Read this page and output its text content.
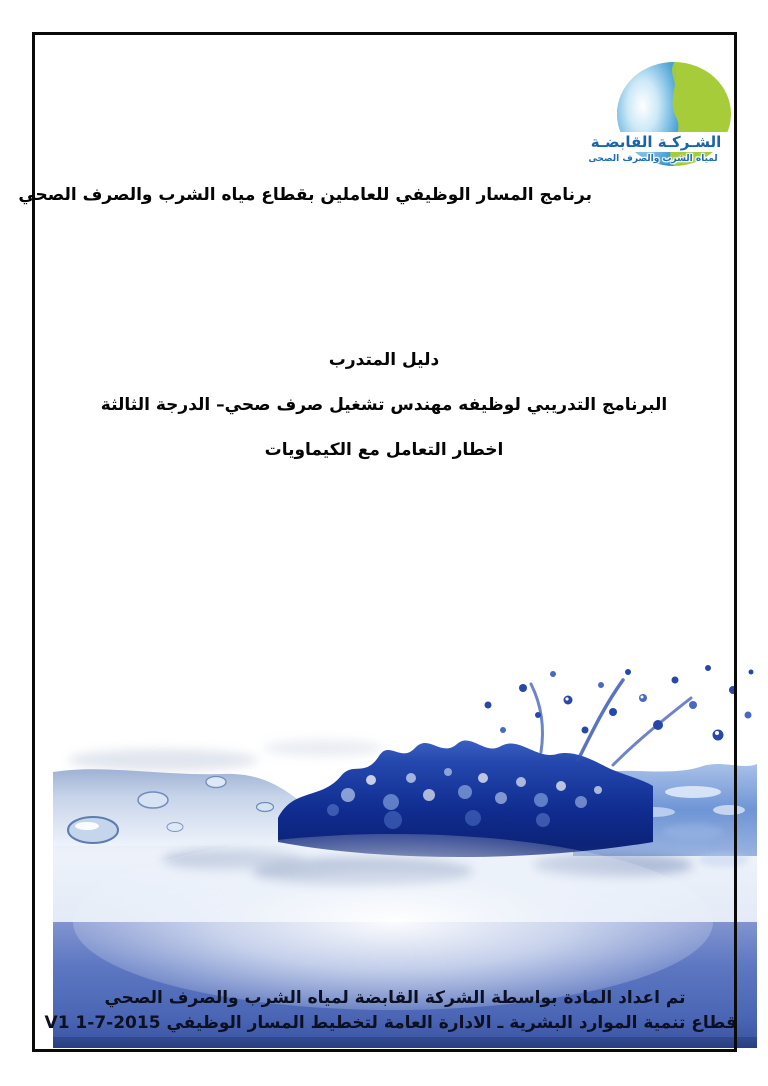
الشـركـة القابضـة
لمياه الشرب والصرف الصحى
برنامج المسار الوظيفي للعاملين بقطاع مياه الشرب والصرف الصحي
دليل المتدرب
البرنامج التدريبي لوظيفه مهندس تشغيل صرف صحي– الدرجة الثالثة
اخطار التعامل مع الكيماويات
تم اعداد المادة بواسطة الشركة القابضة لمياه الشرب والصرف الصحي
قطاع تنمية الموارد البشرية ـ الادارة العامة لتخطيط المسار الوظيفي V1 1-7-2015
